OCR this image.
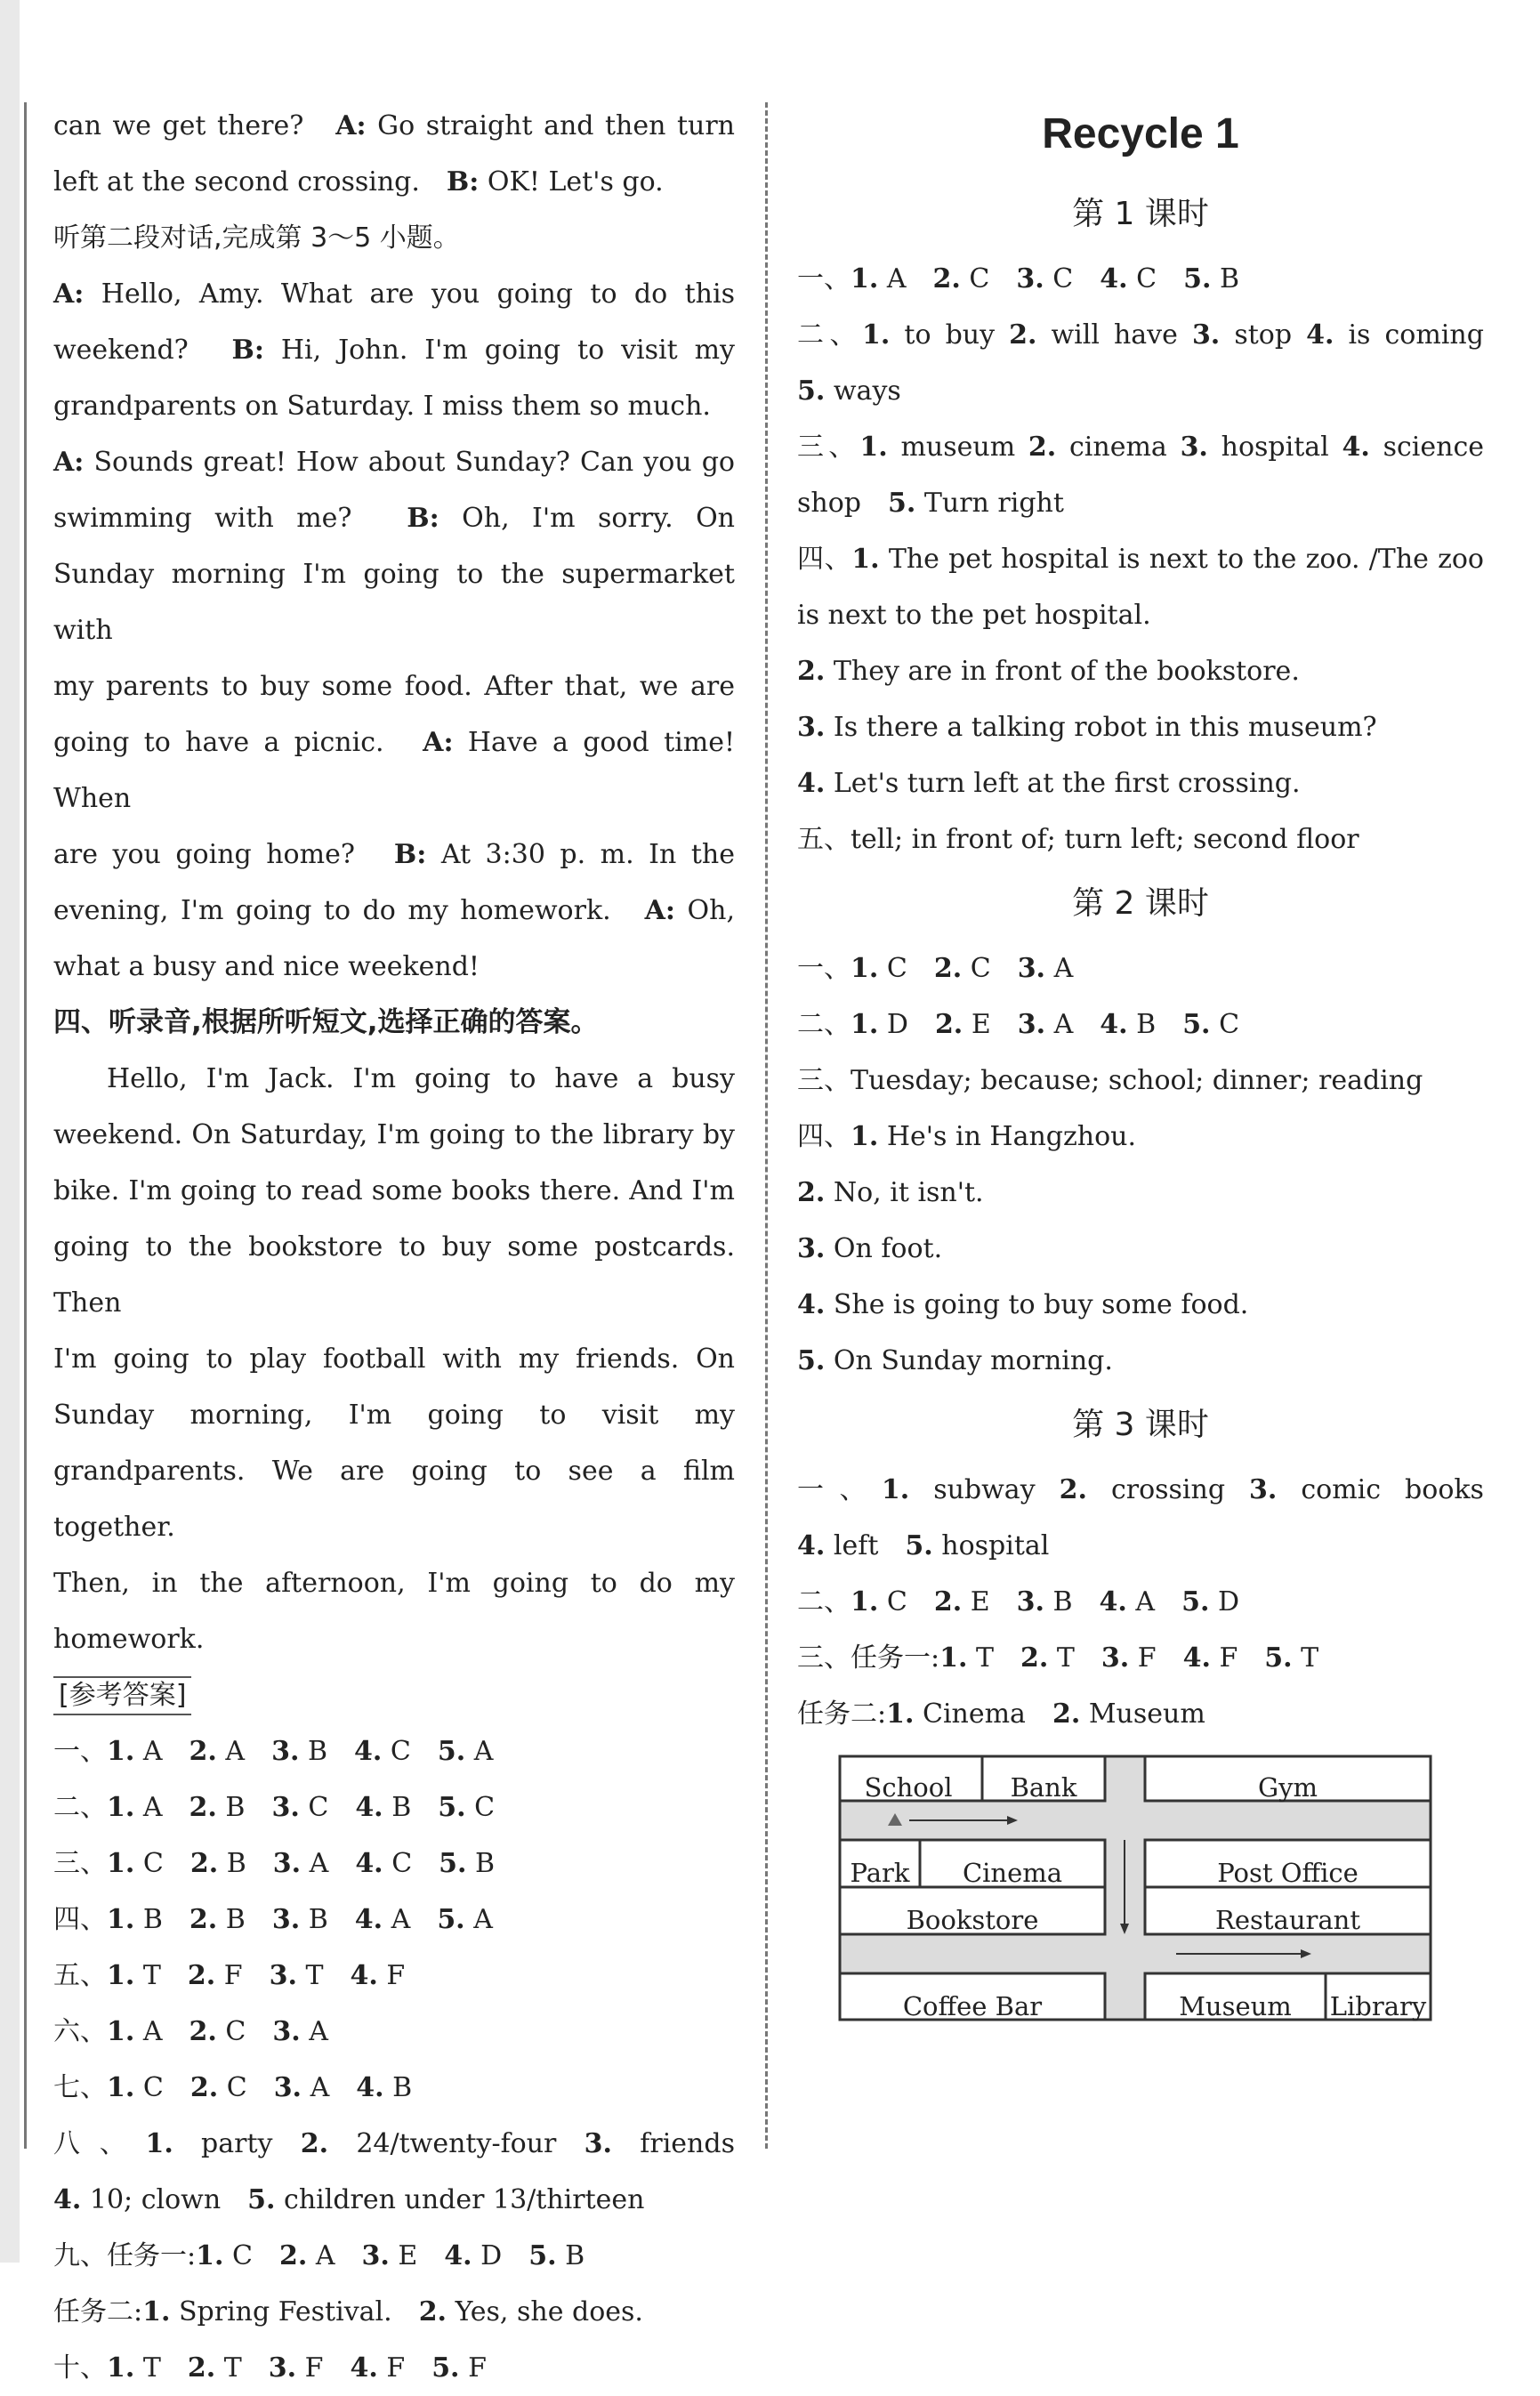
can we get there?　 A: Go straight and then turn
left at the second crossing.　 B: OK! Let's go.
听第二段对话,完成第 3～5 小题。
A: Hello, Amy. What are you going to do this
weekend?　 B: Hi, John. I'm going to visit my
grandparents on Saturday. I miss them so much.
A: Sounds great! How about Sunday? Can you go
swimming with me?　 B: Oh, I'm sorry. On
Sunday morning I'm going to the supermarket with
my parents to buy some food. After that, we are
going to have a picnic.　 A: Have a good time! When
are you going home?　 B: At 3:30 p. m. In the
evening, I'm going to do my homework.　 A: Oh,
what a busy and nice weekend!
四、听录音,根据所听短文,选择正确的答案。
Hello, I'm Jack. I'm going to have a busy
weekend. On Saturday, I'm going to the library by
bike. I'm going to read some books there. And I'm
going to the bookstore to buy some postcards. Then
I'm going to play football with my friends. On
Sunday morning, I'm going to visit my
grandparents. We are going to see a film together.
Then, in the afternoon, I'm going to do my
homework.
[参考答案]
一、1. A 2. A 3. B 4. C 5. A
二、1. A 2. B 3. C 4. B 5. C
三、1. C 2. B 3. A 4. C 5. B
四、1. B 2. B 3. B 4. A 5. A
五、1. T 2. F 3. T 4. F
六、1. A 2. C 3. A
七、1. C 2. C 3. A 4. B
八、1. party 2. 24/twenty-four 3. friends
4. 10; clown 5. children under 13/thirteen
九、任务一:1. C 2. A 3. E 4. D 5. B
任务二:1. Spring Festival. 2. Yes, she does.
十、1. T 2. T 3. F 4. F 5. F
Recycle 1
第 1 课时
一、1. A 2. C 3. C 4. C 5. B
二、1. to buy 2. will have 3. stop 4. is coming
5. ways
三、1. museum 2. cinema 3. hospital 4. science
shop 5. Turn right
四、1. The pet hospital is next to the zoo. /The zoo
is next to the pet hospital.
2. They are in front of the bookstore.
3. Is there a talking robot in this museum?
4. Let's turn left at the first crossing.
五、tell; in front of; turn left; second floor
第 2 课时
一、1. C 2. C 3. A
二、1. D 2. E 3. A 4. B 5. C
三、Tuesday; because; school; dinner; reading
四、1. He's in Hangzhou.
2. No, it isn't.
3. On foot.
4. She is going to buy some food.
5. On Sunday morning.
第 3 课时
一、1. subway 2. crossing 3. comic books
4. left 5. hospital
二、1. C 2. E 3. B 4. A 5. D
三、任务一:1. T 2. T 3. F 4. F 5. T
任务二:1. Cinema 2. Museum
School	Bank	Gym
Park	Cinema	Post Office
Bookstore	Restaurant
Coffee Bar	Museum	Library
